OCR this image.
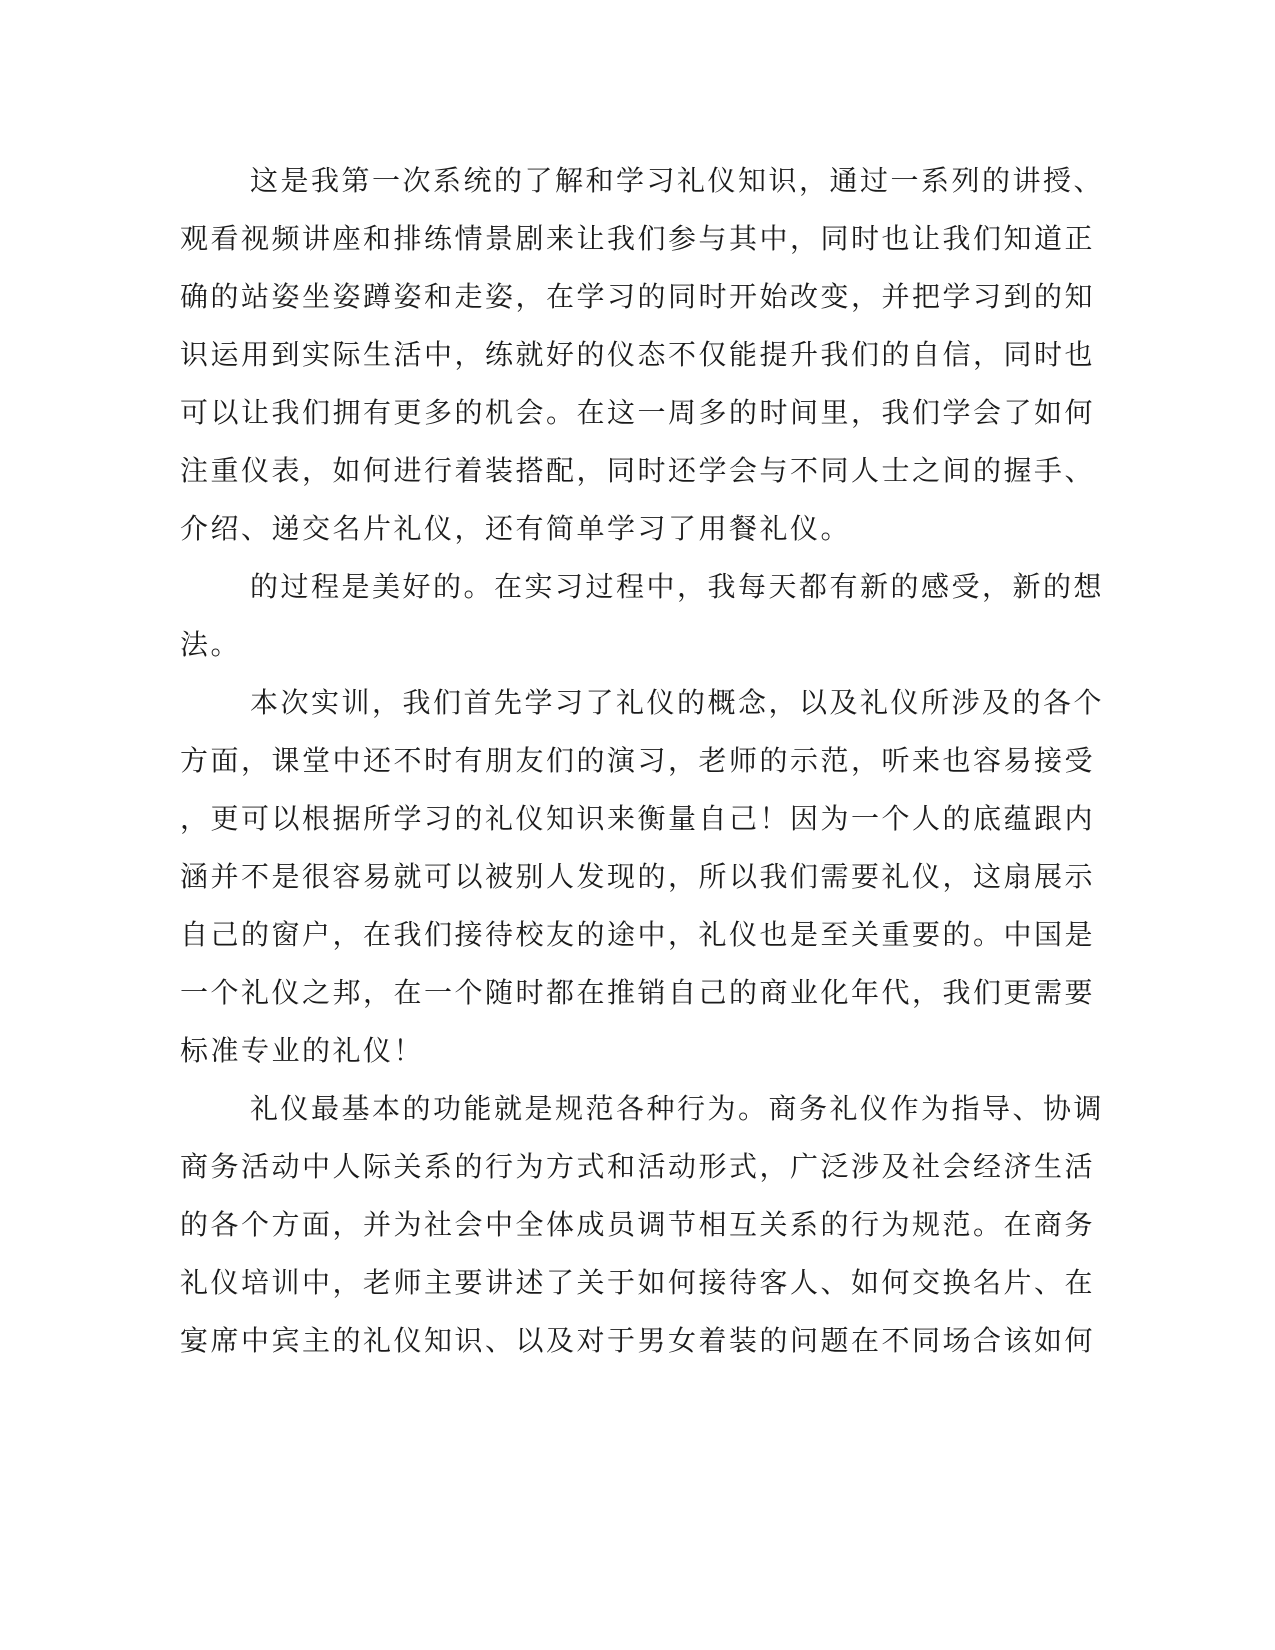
这是我第一次系统的了解和学习礼仪知识，通过一系列的讲授、
观看视频讲座和排练情景剧来让我们参与其中，同时也让我们知道正
确的站姿坐姿蹲姿和走姿，在学习的同时开始改变，并把学习到的知
识运用到实际生活中，练就好的仪态不仅能提升我们的自信，同时也
可以让我们拥有更多的机会。在这一周多的时间里，我们学会了如何
注重仪表，如何进行着装搭配，同时还学会与不同人士之间的握手、
介绍、递交名片礼仪，还有简单学习了用餐礼仪。
的过程是美好的。在实习过程中，我每天都有新的感受，新的想
法。
本次实训，我们首先学习了礼仪的概念，以及礼仪所涉及的各个
方面，课堂中还不时有朋友们的演习，老师的示范，听来也容易接受
，更可以根据所学习的礼仪知识来衡量自己！因为一个人的底蕴跟内
涵并不是很容易就可以被别人发现的，所以我们需要礼仪，这扇展示
自己的窗户，在我们接待校友的途中，礼仪也是至关重要的。中国是
一个礼仪之邦，在一个随时都在推销自己的商业化年代，我们更需要
标准专业的礼仪！
礼仪最基本的功能就是规范各种行为。商务礼仪作为指导、协调
商务活动中人际关系的行为方式和活动形式，广泛涉及社会经济生活
的各个方面，并为社会中全体成员调节相互关系的行为规范。在商务
礼仪培训中，老师主要讲述了关于如何接待客人、如何交换名片、在
宴席中宾主的礼仪知识、以及对于男女着装的问题在不同场合该如何
